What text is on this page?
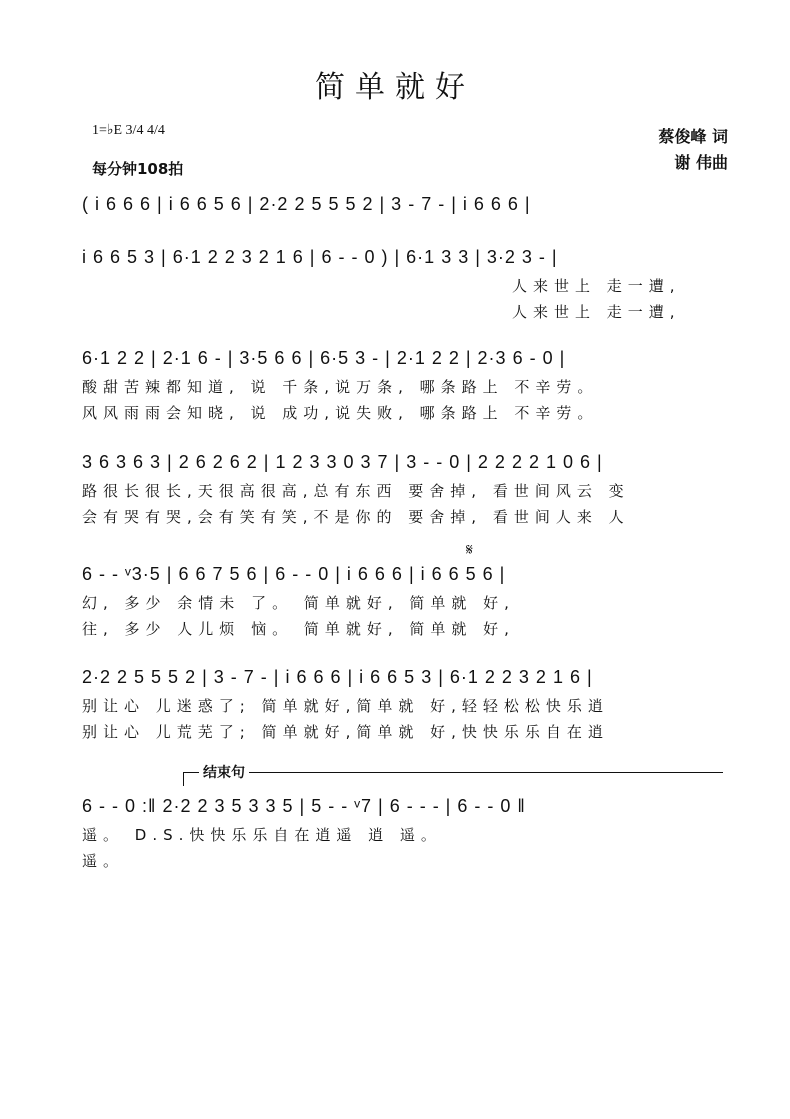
简单就好
1=♭E 3/4 4/4
每分钟108拍
蔡俊峰 词
谢 伟曲
( i 6 6 6 | i 6 6 5 6 | 2·2 2 5 5 5 2 | 3 - 7 - | i 6 6 6 |
i 6 6 5 3 | 6·1 2 2 3 2 1 6 | 6 - - 0 ) | 6·1 3 3 | 3·2 3 - |
人来世上 走一遭,
人来世上 走一遭,
6·1 2 2 | 2·1 6 - | 3·5 6 6 | 6·5 3 - | 2·1 2 2 | 2·3 6 - 0 |
酸甜苦辣都知道, 说 千条,说万条, 哪条路上 不辛劳。
风风雨雨会知晓, 说 成功,说失败, 哪条路上 不辛劳。
3 6 3 6 3 | 2 6 2 6 2 | 1 2 3 3 0 3 7 | 3 - - 0 | 2 2 2 2 1 0 6 |
路很长很长,天很高很高,总有东西 要舍掉, 看世间风云 变
会有哭有哭,会有笑有笑,不是你的 要舍掉, 看世间人来 人
𝄋
6 - - ᵛ3·5 | 6 6 7 5 6 | 6 - - 0 | i 6 6 6 | i 6 6 5 6 |
幻, 多少 余情未 了。 简单就好, 简单就 好,
往, 多少 人儿烦 恼。 简单就好, 简单就 好,
2·2 2 5 5 5 2 | 3 - 7 - | i 6 6 6 | i 6 6 5 3 | 6·1 2 2 3 2 1 6 |
别让心 儿迷惑了; 简单就好,简单就 好,轻轻松松快乐逍
别让心 儿荒芜了; 简单就好,简单就 好,快快乐乐自在逍
结束句
6 - - 0 :‖ 2·2 2 3 5 3 3 5 | 5 - - ᵛ7 | 6 - - - | 6 - - 0 ‖
遥。 D.S.快快乐乐自在逍遥 逍 遥。
遥。
